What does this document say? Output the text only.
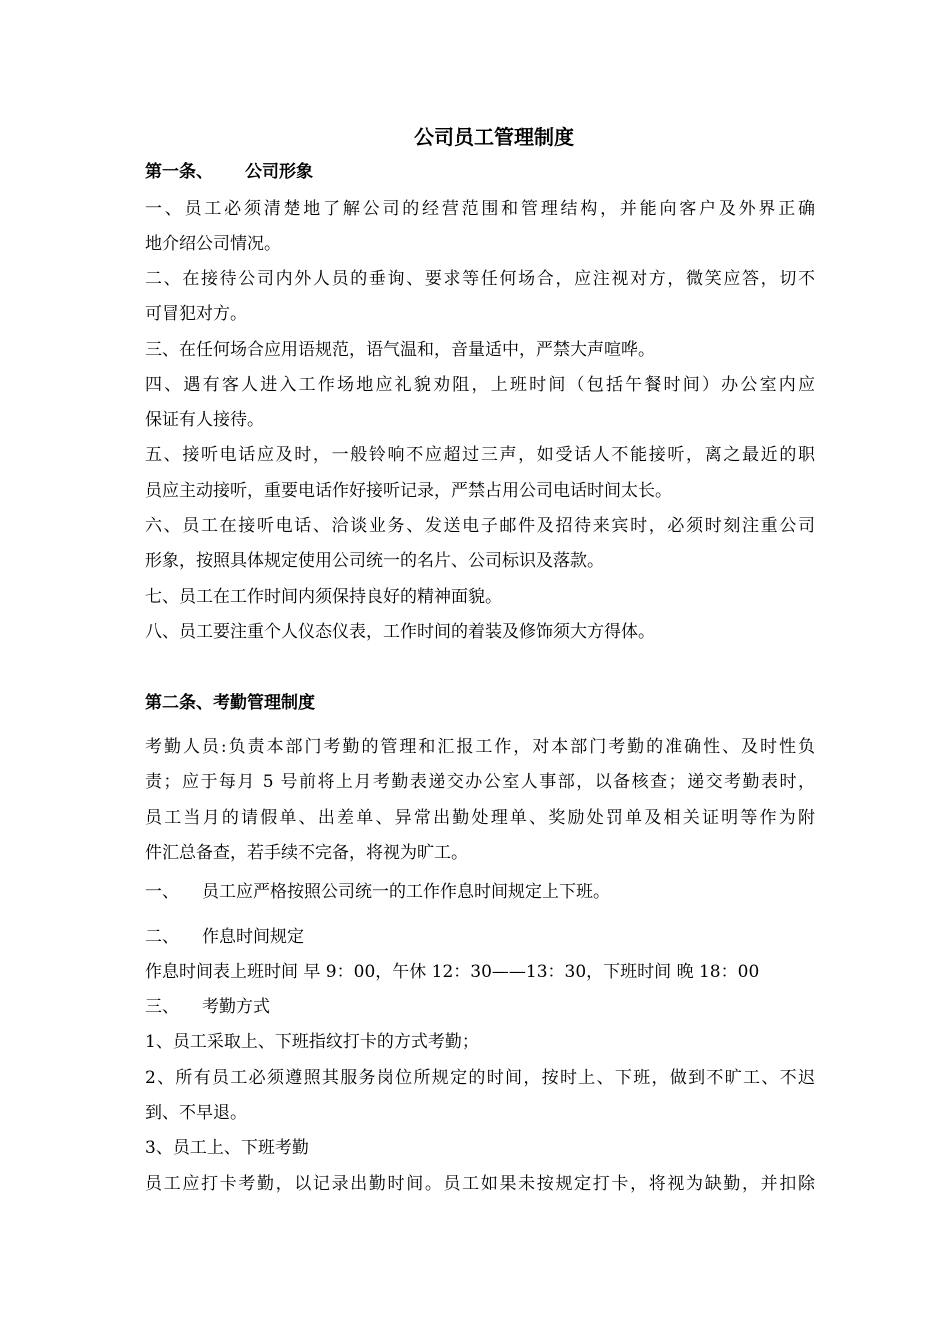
公司员工管理制度
第一条、 公司形象
一、员工必须清楚地了解公司的经营范围和管理结构，并能向客户及外界正确
地介绍公司情况。
二、在接待公司内外人员的垂询、要求等任何场合，应注视对方，微笑应答，切不
可冒犯对方。
三、在任何场合应用语规范，语气温和，音量适中，严禁大声喧哗。
四、遇有客人进入工作场地应礼貌劝阻，上班时间（包括午餐时间）办公室内应
保证有人接待。
五、接听电话应及时，一般铃响不应超过三声，如受话人不能接听，离之最近的职
员应主动接听，重要电话作好接听记录，严禁占用公司电话时间太长。
六、员工在接听电话、洽谈业务、发送电子邮件及招待来宾时，必须时刻注重公司
形象，按照具体规定使用公司统一的名片、公司标识及落款。
七、员工在工作时间内须保持良好的精神面貌。
八、员工要注重个人仪态仪表，工作时间的着装及修饰须大方得体。
第二条、考勤管理制度
考勤人员:负责本部门考勤的管理和汇报工作，对本部门考勤的准确性、及时性负
责；应于每月 5 号前将上月考勤表递交办公室人事部，以备核查；递交考勤表时，
员工当月的请假单、出差单、异常出勤处理单、奖励处罚单及相关证明等作为附
件汇总备查，若手续不完备，将视为旷工。
一、 员工应严格按照公司统一的工作作息时间规定上下班。
二、 作息时间规定
作息时间表上班时间 早 9：00，午休 12：30——13：30，下班时间 晚 18：00
三、 考勤方式
1、员工采取上、下班指纹打卡的方式考勤；
2、所有员工必须遵照其服务岗位所规定的时间，按时上、下班，做到不旷工、不迟
到、不早退。
3、员工上、下班考勤
员工应打卡考勤，以记录出勤时间。员工如果未按规定打卡，将视为缺勤，并扣除
